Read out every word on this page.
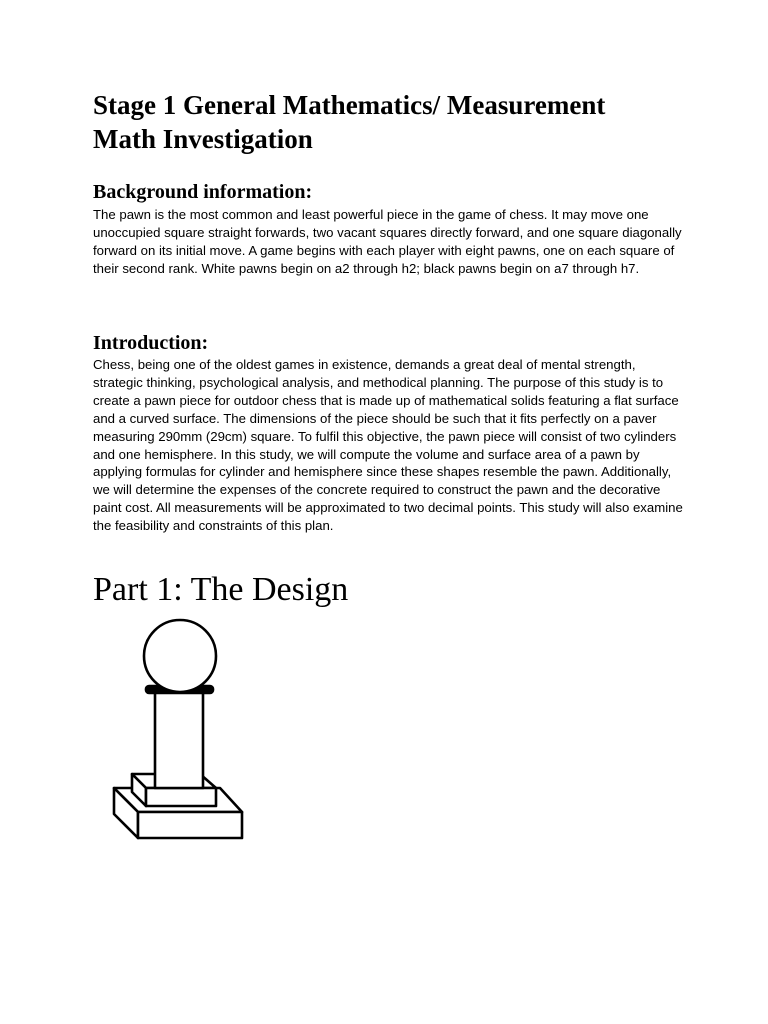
Stage 1 General Mathematics/ Measurement
Math Investigation
Background information:

The pawn is the most common and least powerful piece in the game of chess. It may move one unoccupied square straight forwards, two vacant squares directly forward, and one square diagonally forward on its initial move. A game begins with each player with eight pawns, one on each square of their second rank. White pawns begin on a2 through h2; black pawns begin on a7 through h7.

Introduction:

Chess, being one of the oldest games in existence, demands a great deal of mental strength, strategic thinking, psychological analysis, and methodical planning. The purpose of this study is to create a pawn piece for outdoor chess that is made up of mathematical solids featuring a flat surface and a curved surface. The dimensions of the piece should be such that it fits perfectly on a paver measuring 290mm (29cm) square. To fulfil this objective, the pawn piece will consist of two cylinders and one hemisphere. In this study, we will compute the volume and surface area of a pawn by applying formulas for cylinder and hemisphere since these shapes resemble the pawn. Additionally, we will determine the expenses of the concrete required to construct the pawn and the decorative paint cost. All measurements will be approximated to two decimal points. This study will also examine the feasibility and constraints of this plan.

Part 1: The Design
